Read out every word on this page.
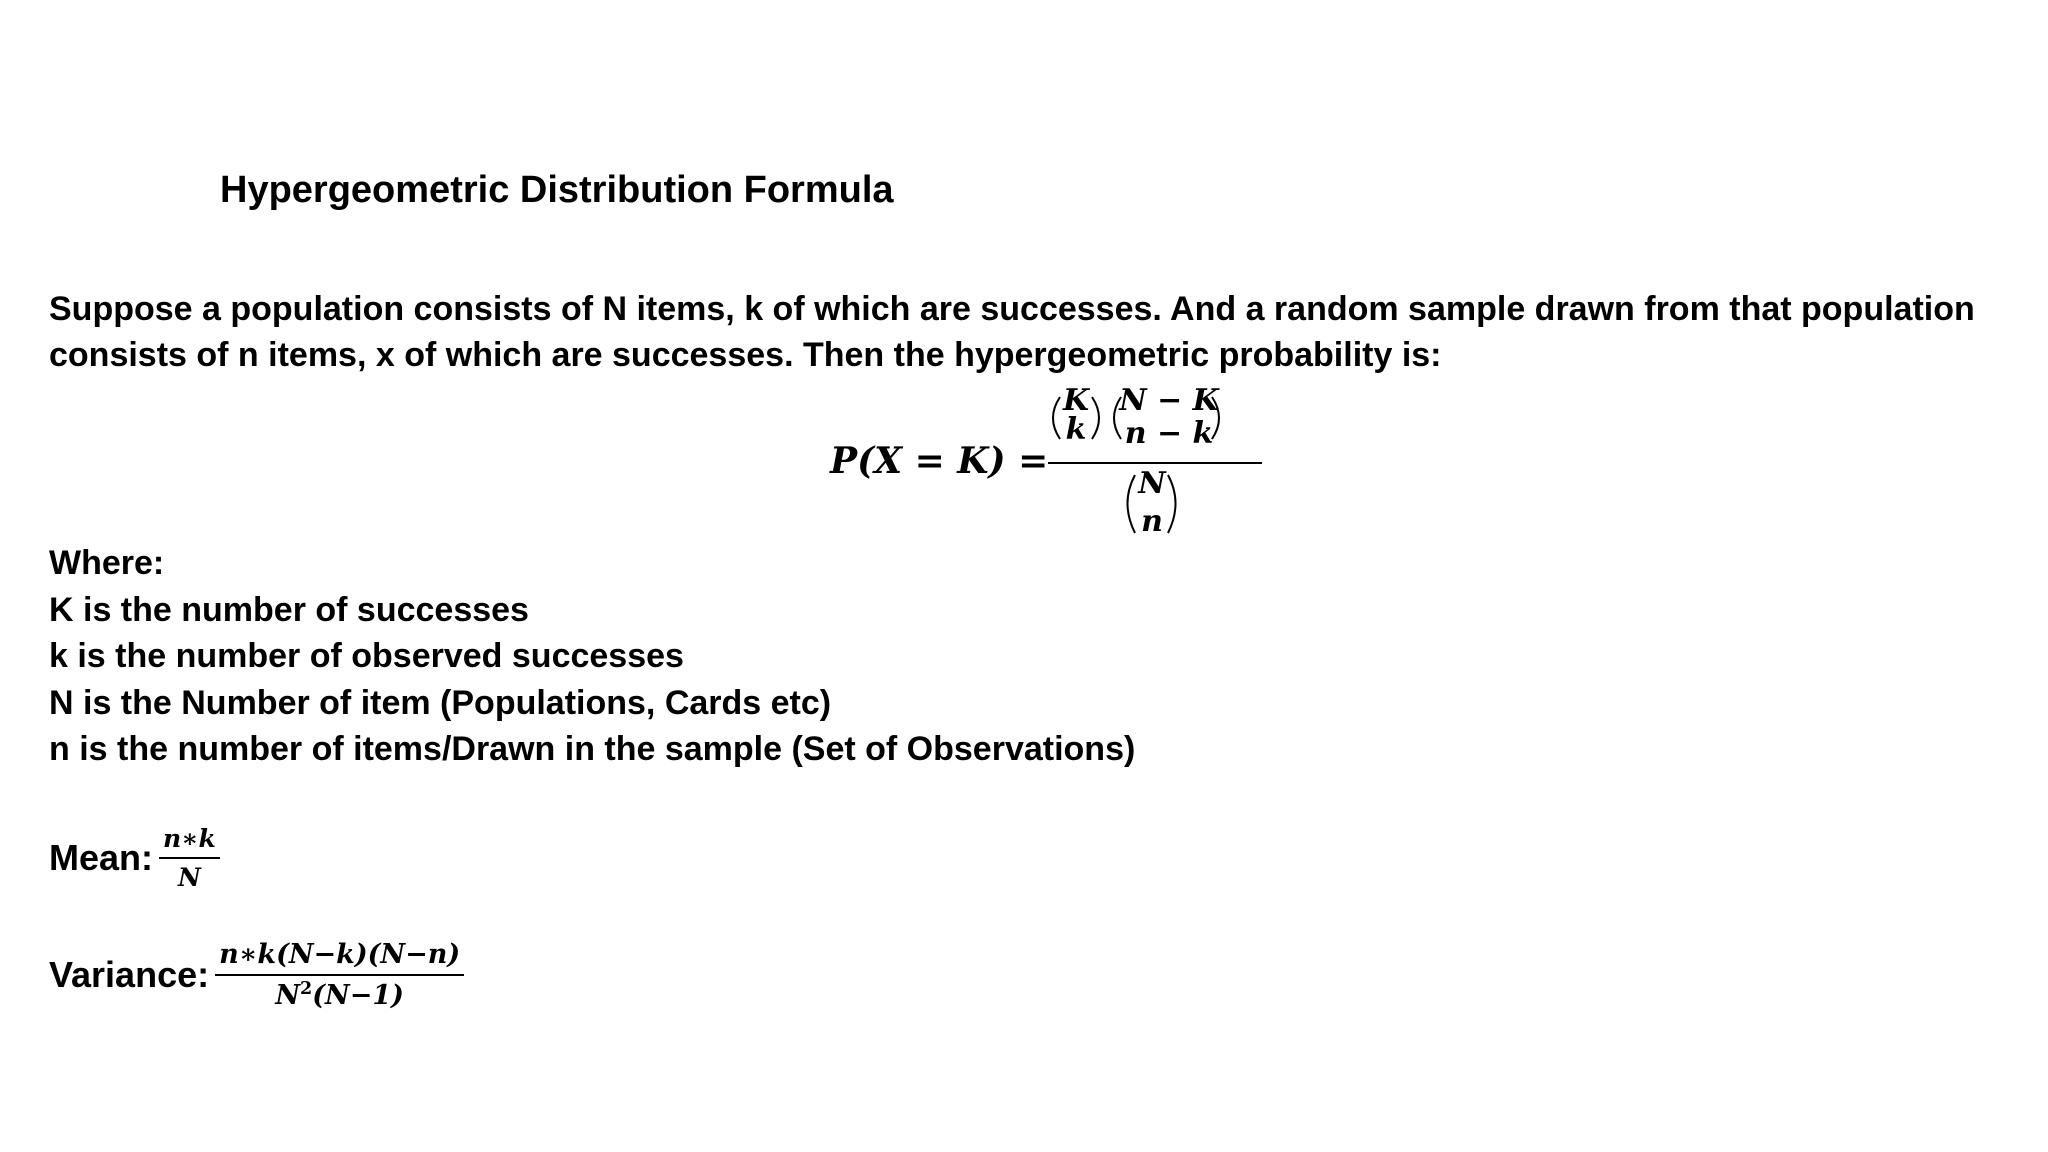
Hypergeometric Distribution Formula

Suppose a population consists of N items, k of which are successes. And a random sample drawn from that population

consists of n items, x of which are successes. Then the hypergeometric probability is:

P(X = K) =
K
k
N − K
n − k
N
n
Where:
K is the number of successes
k is the number of observed successes
N is the Number of item (Populations, Cards etc)
n is the number of items/Drawn in the sample (Set of Observations)
Mean: $\frac{n∗k}{N}$
Variance: $\frac{n∗k(N-k)(N-n)}{N^2(N-1)}$
